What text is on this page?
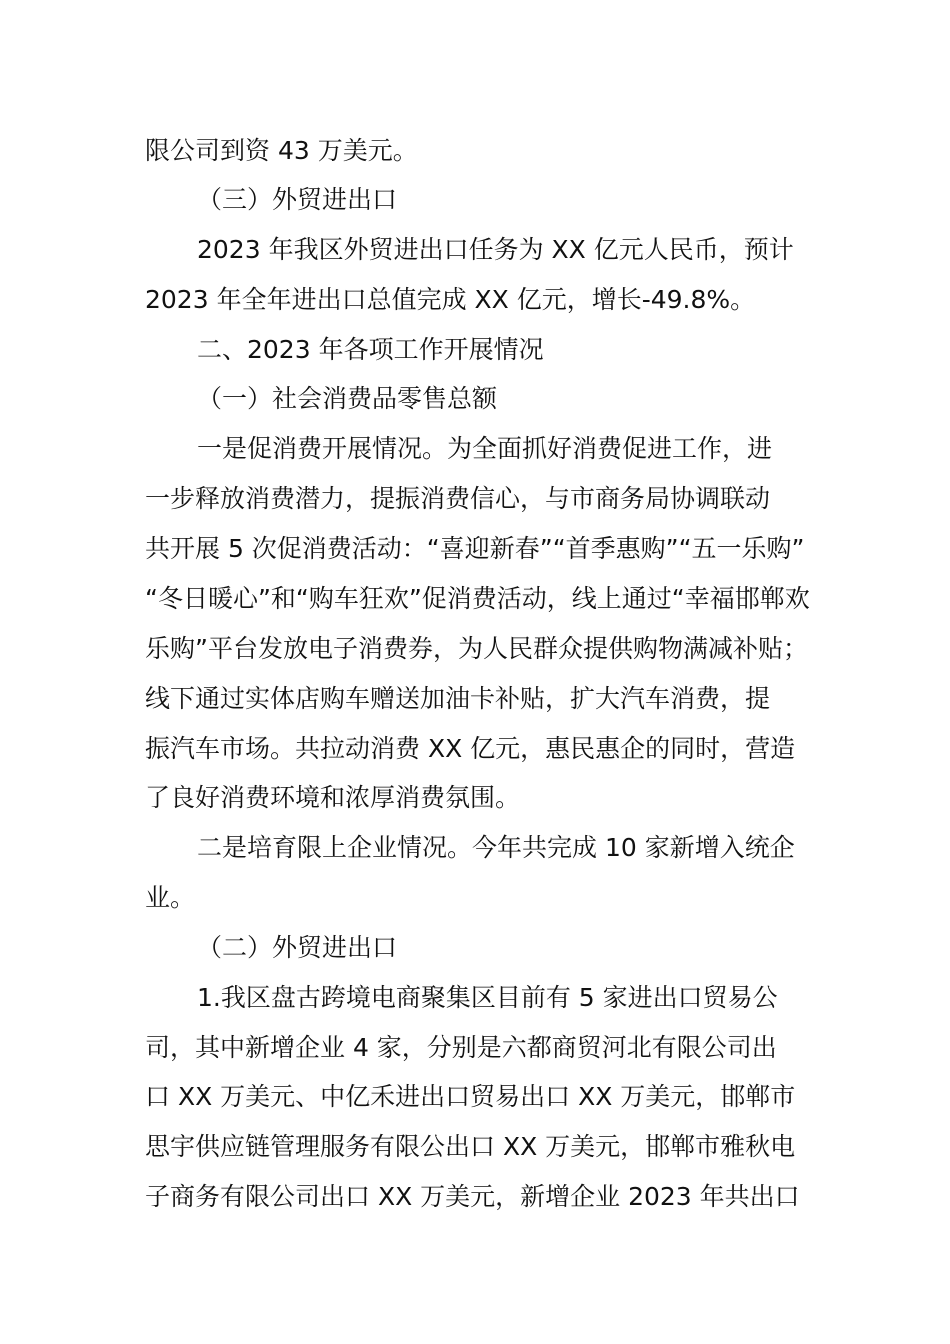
限公司到资 43 万美元。
（三）外贸进出口
2023 年我区外贸进出口任务为 XX 亿元人民币，预计
2023 年全年进出口总值完成 XX 亿元，增长-49.8%。
二、2023 年各项工作开展情况
（一）社会消费品零售总额
一是促消费开展情况。为全面抓好消费促进工作，进
一步释放消费潜力，提振消费信心，与市商务局协调联动
共开展 5 次促消费活动：“喜迎新春”“首季惠购”“五一乐购”
“冬日暖心”和“购车狂欢”促消费活动，线上通过“幸福邯郸欢
乐购”平台发放电子消费券，为人民群众提供购物满减补贴；
线下通过实体店购车赠送加油卡补贴，扩大汽车消费，提
振汽车市场。共拉动消费 XX 亿元，惠民惠企的同时，营造
了良好消费环境和浓厚消费氛围。
二是培育限上企业情况。今年共完成 10 家新增入统企
业。
（二）外贸进出口
1.我区盘古跨境电商聚集区目前有 5 家进出口贸易公
司，其中新增企业 4 家，分别是六都商贸河北有限公司出
口 XX 万美元、中亿禾进出口贸易出口 XX 万美元，邯郸市
思宇供应链管理服务有限公出口 XX 万美元，邯郸市雅秋电
子商务有限公司出口 XX 万美元，新增企业 2023 年共出口
